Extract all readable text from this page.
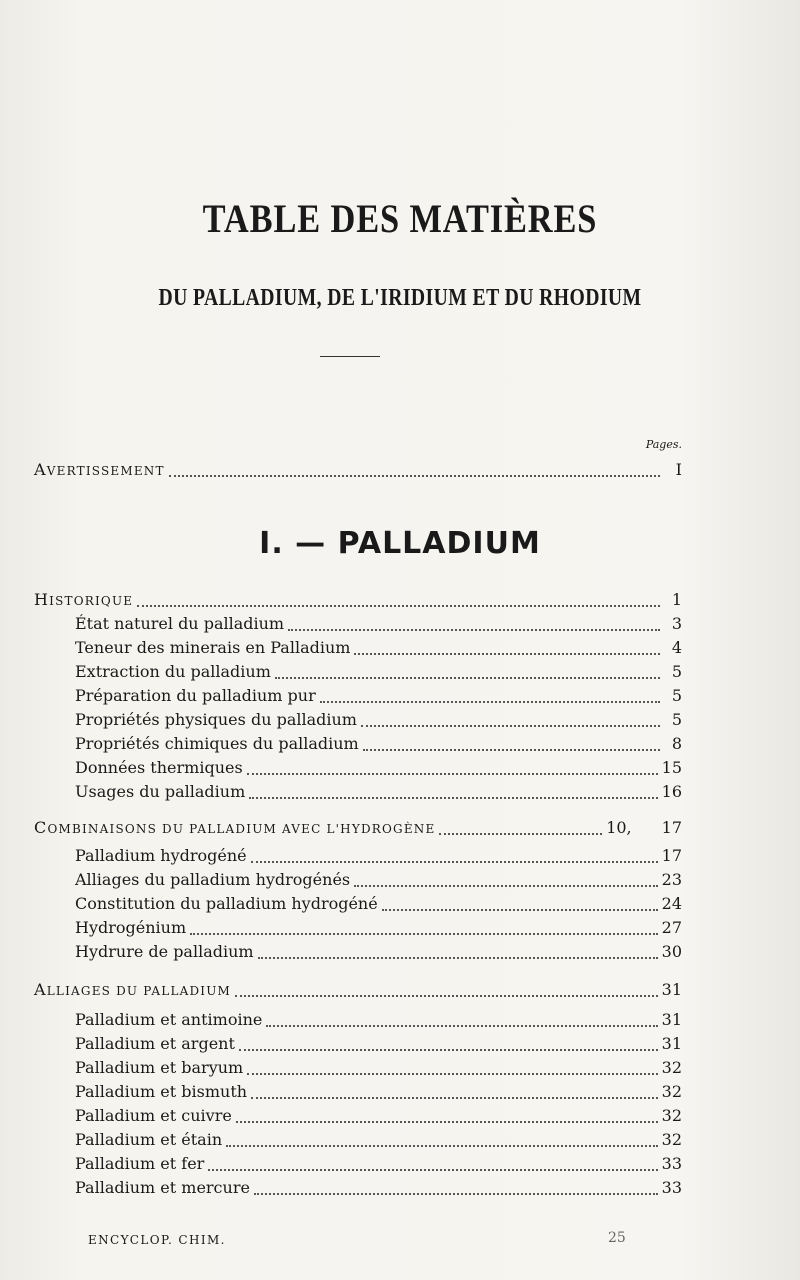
TABLE DES MATIÈRES
DU PALLADIUM, DE L'IRIDIUM ET DU RHODIUM
Pages.
AVERTISSEMENT	I
I. — PALLADIUM
HISTORIQUE	1
État naturel du palladium	3
Teneur des minerais en Palladium	4
Extraction du palladium	5
Préparation du palladium pur	5
Propriétés physiques du palladium	5
Propriétés chimiques du palladium	8
Données thermiques	15
Usages du palladium	16
COMBINAISONS DU PALLADIUM AVEC L'HYDROGÈNE	10, 17
Palladium hydrogéné	17
Alliages du palladium hydrogénés	23
Constitution du palladium hydrogéné	24
Hydrogénium	27
Hydrure de palladium	30
ALLIAGES DU PALLADIUM	31
Palladium et antimoine	31
Palladium et argent	31
Palladium et baryum	32
Palladium et bismuth	32
Palladium et cuivre	32
Palladium et étain	32
Palladium et fer	33
Palladium et mercure	33
ENCYCLOP. CHIM.	25
